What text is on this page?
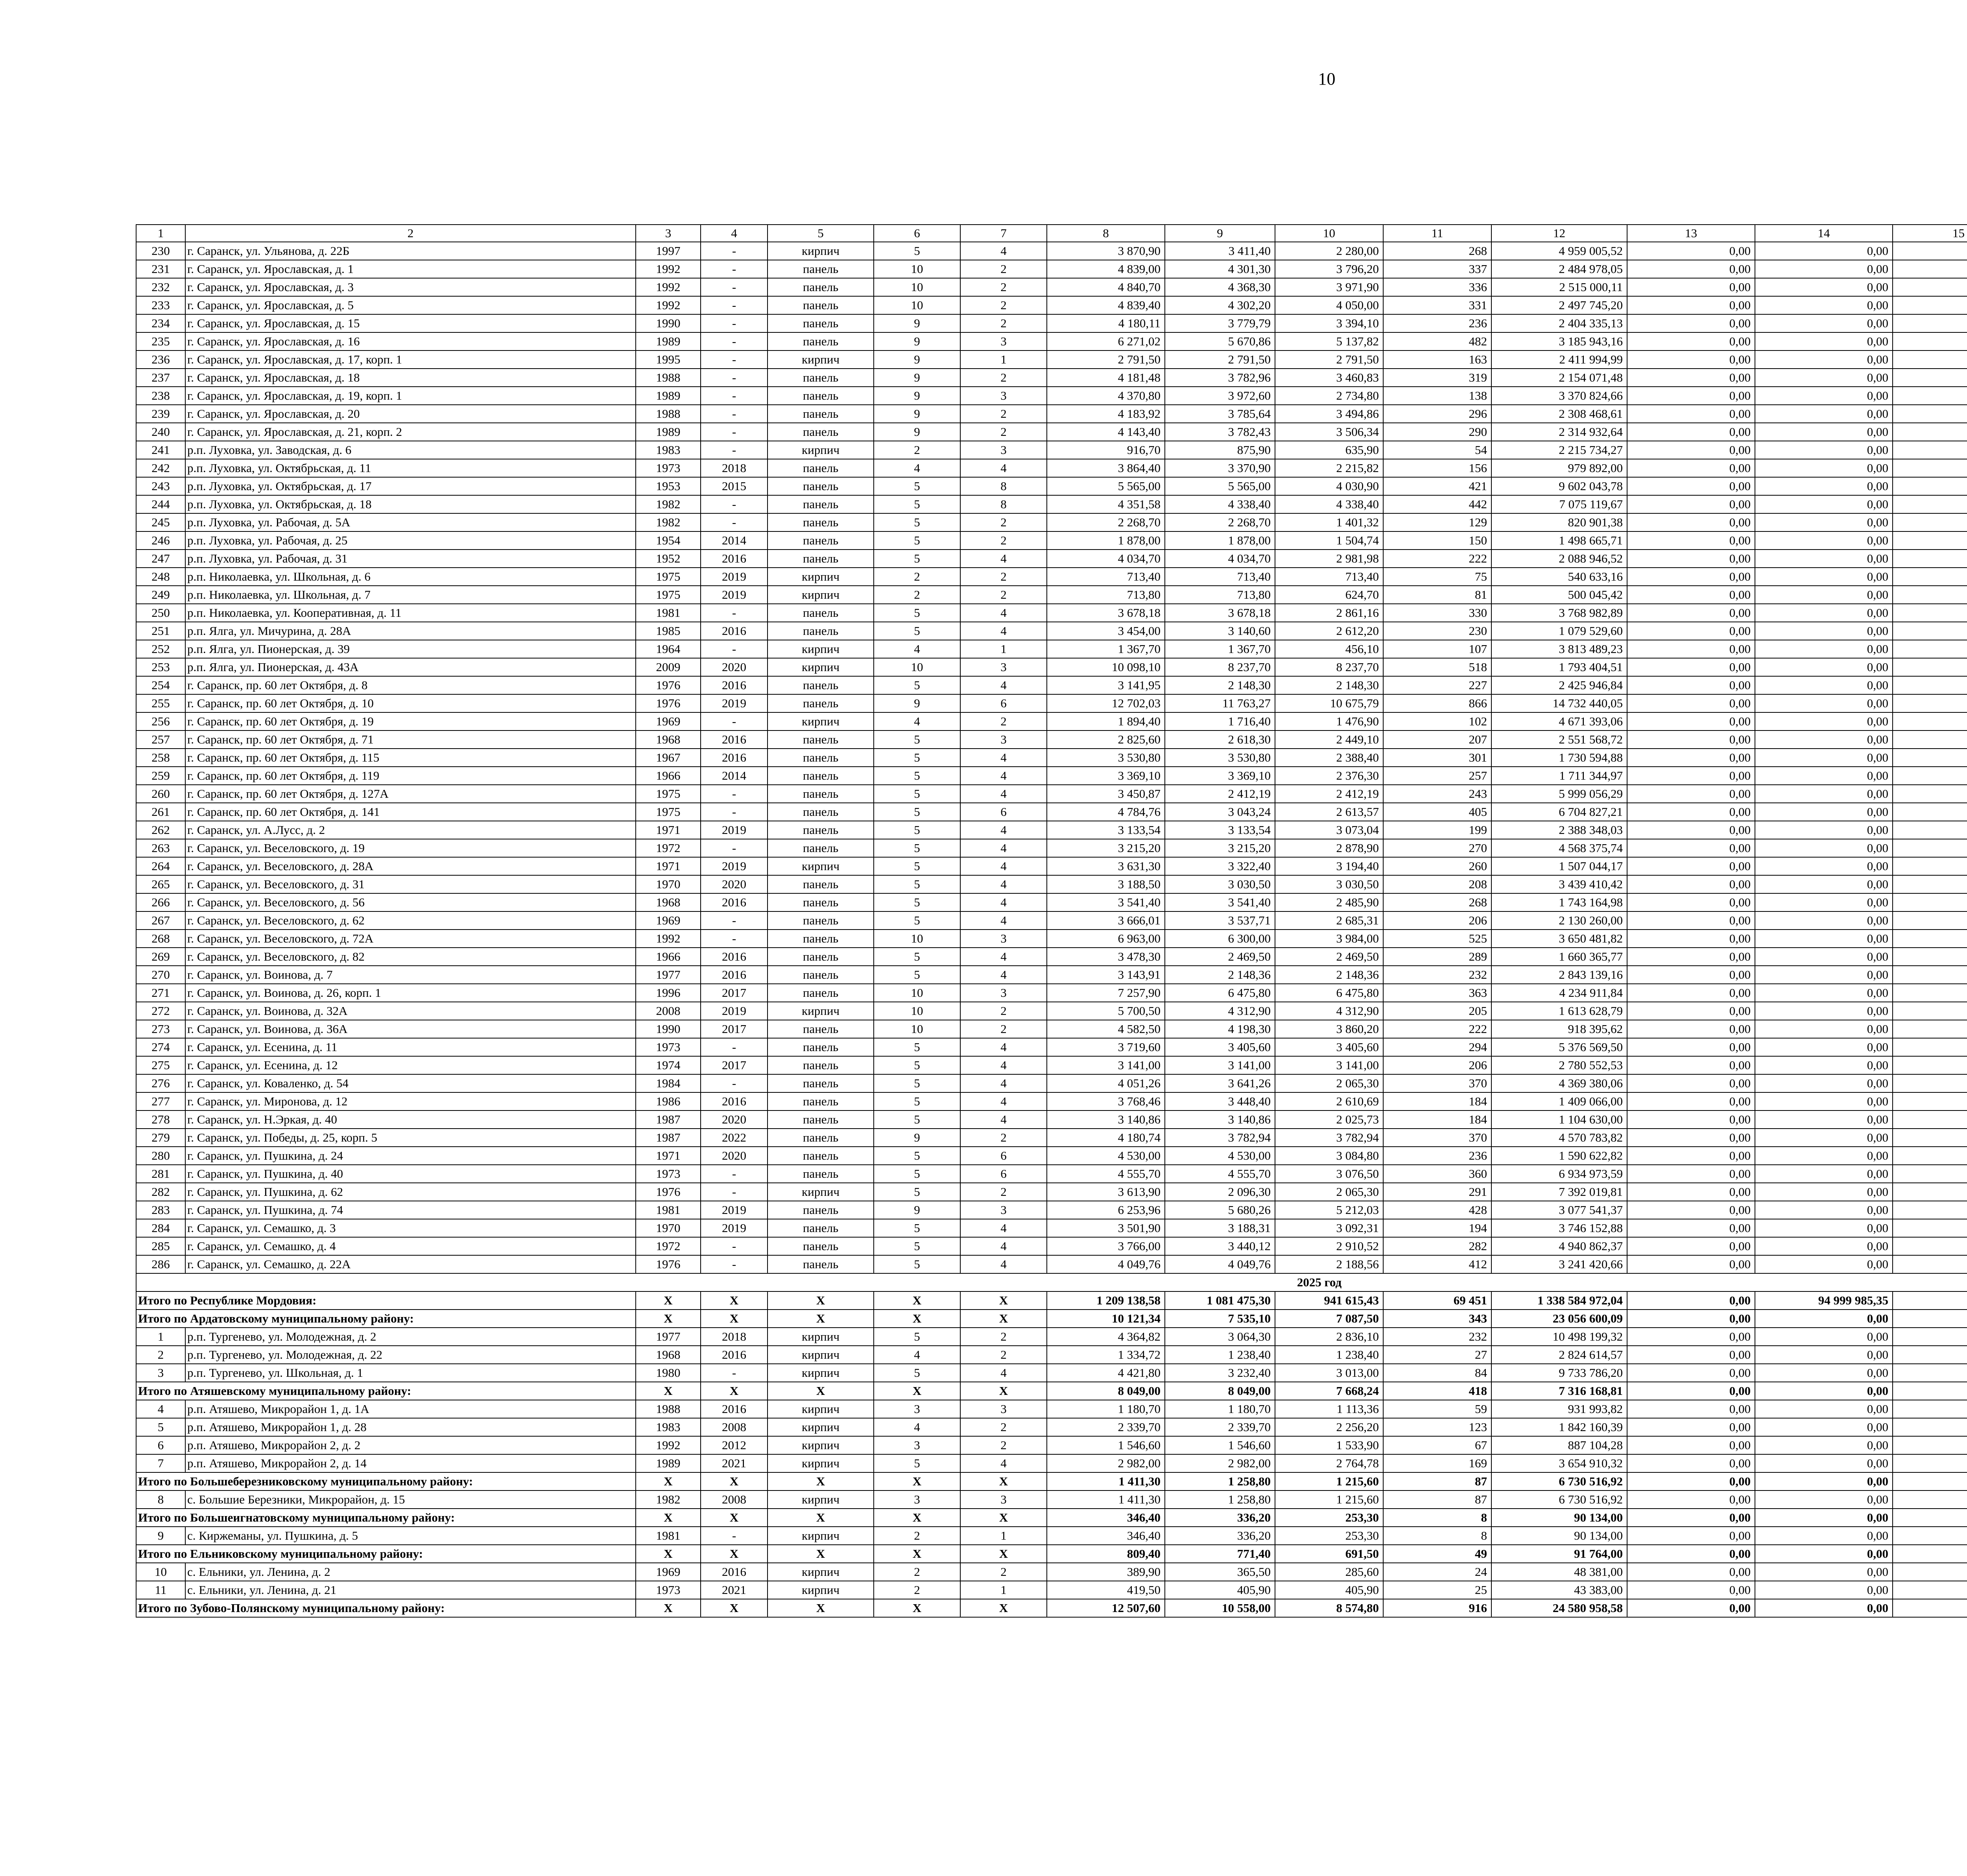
10
1	2	3	4	5	6	7	8	9	10	11	12	13	14	15				
230	г. Саранск, ул. Ульянова, д. 22Б	1997	-	кирпич	5	4	3 870,90	3 411,40	2 280,00	268	4 959 005,52	0,00	0,00					
231	г. Саранск, ул. Ярославская, д. 1	1992	-	панель	10	2	4 839,00	4 301,30	3 796,20	337	2 484 978,05	0,00	0,00					
232	г. Саранск, ул. Ярославская, д. 3	1992	-	панель	10	2	4 840,70	4 368,30	3 971,90	336	2 515 000,11	0,00	0,00					
233	г. Саранск, ул. Ярославская, д. 5	1992	-	панель	10	2	4 839,40	4 302,20	4 050,00	331	2 497 745,20	0,00	0,00					
234	г. Саранск, ул. Ярославская, д. 15	1990	-	панель	9	2	4 180,11	3 779,79	3 394,10	236	2 404 335,13	0,00	0,00					
235	г. Саранск, ул. Ярославская, д. 16	1989	-	панель	9	3	6 271,02	5 670,86	5 137,82	482	3 185 943,16	0,00	0,00					
236	г. Саранск, ул. Ярославская, д. 17, корп. 1	1995	-	кирпич	9	1	2 791,50	2 791,50	2 791,50	163	2 411 994,99	0,00	0,00					
237	г. Саранск, ул. Ярославская, д. 18	1988	-	панель	9	2	4 181,48	3 782,96	3 460,83	319	2 154 071,48	0,00	0,00					
238	г. Саранск, ул. Ярославская, д. 19, корп. 1	1989	-	панель	9	3	4 370,80	3 972,60	2 734,80	138	3 370 824,66	0,00	0,00					
239	г. Саранск, ул. Ярославская, д. 20	1988	-	панель	9	2	4 183,92	3 785,64	3 494,86	296	2 308 468,61	0,00	0,00					
240	г. Саранск, ул. Ярославская, д. 21, корп. 2	1989	-	панель	9	2	4 143,40	3 782,43	3 506,34	290	2 314 932,64	0,00	0,00					
241	р.п. Луховка, ул. Заводская, д. 6	1983	-	кирпич	2	3	916,70	875,90	635,90	54	2 215 734,27	0,00	0,00					
242	р.п. Луховка, ул. Октябрьская, д. 11	1973	2018	панель	4	4	3 864,40	3 370,90	2 215,82	156	979 892,00	0,00	0,00					
243	р.п. Луховка, ул. Октябрьская, д. 17	1953	2015	панель	5	8	5 565,00	5 565,00	4 030,90	421	9 602 043,78	0,00	0,00					
244	р.п. Луховка, ул. Октябрьская, д. 18	1982	-	панель	5	8	4 351,58	4 338,40	4 338,40	442	7 075 119,67	0,00	0,00					
245	р.п. Луховка, ул. Рабочая, д. 5А	1982	-	панель	5	2	2 268,70	2 268,70	1 401,32	129	820 901,38	0,00	0,00					
246	р.п. Луховка, ул. Рабочая, д. 25	1954	2014	панель	5	2	1 878,00	1 878,00	1 504,74	150	1 498 665,71	0,00	0,00					
247	р.п. Луховка, ул. Рабочая, д. 31	1952	2016	панель	5	4	4 034,70	4 034,70	2 981,98	222	2 088 946,52	0,00	0,00					
248	р.п. Николаевка, ул. Школьная, д. 6	1975	2019	кирпич	2	2	713,40	713,40	713,40	75	540 633,16	0,00	0,00					
249	р.п. Николаевка, ул. Школьная, д. 7	1975	2019	кирпич	2	2	713,80	713,80	624,70	81	500 045,42	0,00	0,00					
250	р.п. Николаевка, ул. Кооперативная, д. 11	1981	-	панель	5	4	3 678,18	3 678,18	2 861,16	330	3 768 982,89	0,00	0,00					
251	р.п. Ялга, ул. Мичурина, д. 28А	1985	2016	панель	5	4	3 454,00	3 140,60	2 612,20	230	1 079 529,60	0,00	0,00					
252	р.п. Ялга, ул. Пионерская, д. 39	1964	-	кирпич	4	1	1 367,70	1 367,70	456,10	107	3 813 489,23	0,00	0,00					
253	р.п. Ялга, ул. Пионерская, д. 43А	2009	2020	кирпич	10	3	10 098,10	8 237,70	8 237,70	518	1 793 404,51	0,00	0,00					
254	г. Саранск, пр. 60 лет Октября, д. 8	1976	2016	панель	5	4	3 141,95	2 148,30	2 148,30	227	2 425 946,84	0,00	0,00					
255	г. Саранск, пр. 60 лет Октября, д. 10	1976	2019	панель	9	6	12 702,03	11 763,27	10 675,79	866	14 732 440,05	0,00	0,00					
256	г. Саранск, пр. 60 лет Октября, д. 19	1969	-	кирпич	4	2	1 894,40	1 716,40	1 476,90	102	4 671 393,06	0,00	0,00					
257	г. Саранск, пр. 60 лет Октября, д. 71	1968	2016	панель	5	3	2 825,60	2 618,30	2 449,10	207	2 551 568,72	0,00	0,00					
258	г. Саранск, пр. 60 лет Октября, д. 115	1967	2016	панель	5	4	3 530,80	3 530,80	2 388,40	301	1 730 594,88	0,00	0,00					
259	г. Саранск, пр. 60 лет Октября, д. 119	1966	2014	панель	5	4	3 369,10	3 369,10	2 376,30	257	1 711 344,97	0,00	0,00					
260	г. Саранск, пр. 60 лет Октября, д. 127А	1975	-	панель	5	4	3 450,87	2 412,19	2 412,19	243	5 999 056,29	0,00	0,00					
261	г. Саранск, пр. 60 лет Октября, д. 141	1975	-	панель	5	6	4 784,76	3 043,24	2 613,57	405	6 704 827,21	0,00	0,00					
262	г. Саранск, ул. А.Лусс, д. 2	1971	2019	панель	5	4	3 133,54	3 133,54	3 073,04	199	2 388 348,03	0,00	0,00					
263	г. Саранск, ул. Веселовского, д. 19	1972	-	панель	5	4	3 215,20	3 215,20	2 878,90	270	4 568 375,74	0,00	0,00					
264	г. Саранск, ул. Веселовского, д. 28А	1971	2019	кирпич	5	4	3 631,30	3 322,40	3 194,40	260	1 507 044,17	0,00	0,00					
265	г. Саранск, ул. Веселовского, д. 31	1970	2020	панель	5	4	3 188,50	3 030,50	3 030,50	208	3 439 410,42	0,00	0,00					
266	г. Саранск, ул. Веселовского, д. 56	1968	2016	панель	5	4	3 541,40	3 541,40	2 485,90	268	1 743 164,98	0,00	0,00					
267	г. Саранск, ул. Веселовского, д. 62	1969	-	панель	5	4	3 666,01	3 537,71	2 685,31	206	2 130 260,00	0,00	0,00					
268	г. Саранск, ул. Веселовского, д. 72А	1992	-	панель	10	3	6 963,00	6 300,00	3 984,00	525	3 650 481,82	0,00	0,00					
269	г. Саранск, ул. Веселовского, д. 82	1966	2016	панель	5	4	3 478,30	2 469,50	2 469,50	289	1 660 365,77	0,00	0,00					
270	г. Саранск, ул. Воинова, д. 7	1977	2016	панель	5	4	3 143,91	2 148,36	2 148,36	232	2 843 139,16	0,00	0,00					
271	г. Саранск, ул. Воинова, д. 26, корп. 1	1996	2017	панель	10	3	7 257,90	6 475,80	6 475,80	363	4 234 911,84	0,00	0,00					
272	г. Саранск, ул. Воинова, д. 32А	2008	2019	кирпич	10	2	5 700,50	4 312,90	4 312,90	205	1 613 628,79	0,00	0,00					
273	г. Саранск, ул. Воинова, д. 36А	1990	2017	панель	10	2	4 582,50	4 198,30	3 860,20	222	918 395,62	0,00	0,00					
274	г. Саранск, ул. Есенина, д. 11	1973	-	панель	5	4	3 719,60	3 405,60	3 405,60	294	5 376 569,50	0,00	0,00					
275	г. Саранск, ул. Есенина, д. 12	1974	2017	панель	5	4	3 141,00	3 141,00	3 141,00	206	2 780 552,53	0,00	0,00					
276	г. Саранск, ул. Коваленко, д. 54	1984	-	панель	5	4	4 051,26	3 641,26	2 065,30	370	4 369 380,06	0,00	0,00					
277	г. Саранск, ул. Миронова, д. 12	1986	2016	панель	5	4	3 768,46	3 448,40	2 610,69	184	1 409 066,00	0,00	0,00					
278	г. Саранск, ул. Н.Эркая, д. 40	1987	2020	панель	5	4	3 140,86	3 140,86	2 025,73	184	1 104 630,00	0,00	0,00					
279	г. Саранск, ул. Победы, д. 25, корп. 5	1987	2022	панель	9	2	4 180,74	3 782,94	3 782,94	370	4 570 783,82	0,00	0,00					
280	г. Саранск, ул. Пушкина, д. 24	1971	2020	панель	5	6	4 530,00	4 530,00	3 084,80	236	1 590 622,82	0,00	0,00					
281	г. Саранск, ул. Пушкина, д. 40	1973	-	панель	5	6	4 555,70	4 555,70	3 076,50	360	6 934 973,59	0,00	0,00					
282	г. Саранск, ул. Пушкина, д. 62	1976	-	кирпич	5	2	3 613,90	2 096,30	2 065,30	291	7 392 019,81	0,00	0,00					
283	г. Саранск, ул. Пушкина, д. 74	1981	2019	панель	9	3	6 253,96	5 680,26	5 212,03	428	3 077 541,37	0,00	0,00					
284	г. Саранск, ул. Семашко, д. 3	1970	2019	панель	5	4	3 501,90	3 188,31	3 092,31	194	3 746 152,88	0,00	0,00					
285	г. Саранск, ул. Семашко, д. 4	1972	-	панель	5	4	3 766,00	3 440,12	2 910,52	282	4 940 862,37	0,00	0,00					
286	г. Саранск, ул. Семашко, д. 22А	1976	-	панель	5	4	4 049,76	4 049,76	2 188,56	412	3 241 420,66	0,00	0,00					
2025 год																		
Итого по Республике Мордовия:		X	X	X	X	X	1 209 138,58	1 081 475,30	941 615,43	69 451	1 338 584 972,04	0,00	94 999 985,35					
Итого по Ардатовскому муниципальному району:		X	X	X	X	X	10 121,34	7 535,10	7 087,50	343	23 056 600,09	0,00	0,00					
1	р.п. Тургенево, ул. Молодежная, д. 2	1977	2018	кирпич	5	2	4 364,82	3 064,30	2 836,10	232	10 498 199,32	0,00	0,00					
2	р.п. Тургенево, ул. Молодежная, д. 22	1968	2016	кирпич	4	2	1 334,72	1 238,40	1 238,40	27	2 824 614,57	0,00	0,00					
3	р.п. Тургенево, ул. Школьная, д. 1	1980	-	кирпич	5	4	4 421,80	3 232,40	3 013,00	84	9 733 786,20	0,00	0,00					
Итого по Атяшевскому муниципальному району:		X	X	X	X	X	8 049,00	8 049,00	7 668,24	418	7 316 168,81	0,00	0,00					
4	р.п. Атяшево, Микрорайон 1, д. 1А	1988	2016	кирпич	3	3	1 180,70	1 180,70	1 113,36	59	931 993,82	0,00	0,00					
5	р.п. Атяшево, Микрорайон 1, д. 28	1983	2008	кирпич	4	2	2 339,70	2 339,70	2 256,20	123	1 842 160,39	0,00	0,00					
6	р.п. Атяшево, Микрорайон 2, д. 2	1992	2012	кирпич	3	2	1 546,60	1 546,60	1 533,90	67	887 104,28	0,00	0,00					
7	р.п. Атяшево, Микрорайон 2, д. 14	1989	2021	кирпич	5	4	2 982,00	2 982,00	2 764,78	169	3 654 910,32	0,00	0,00					
Итого по Большеберезниковскому муниципальному району:		X	X	X	X	X	1 411,30	1 258,80	1 215,60	87	6 730 516,92	0,00	0,00					
8	с. Большие Березники, Микрорайон, д. 15	1982	2008	кирпич	3	3	1 411,30	1 258,80	1 215,60	87	6 730 516,92	0,00	0,00					
Итого по Большеигнатовскому муниципальному району:		X	X	X	X	X	346,40	336,20	253,30	8	90 134,00	0,00	0,00					
9	с. Киржеманы, ул. Пушкина, д. 5	1981	-	кирпич	2	1	346,40	336,20	253,30	8	90 134,00	0,00	0,00					
Итого по Ельниковскому муниципальному району:		X	X	X	X	X	809,40	771,40	691,50	49	91 764,00	0,00	0,00					
10	с. Ельники, ул. Ленина, д. 2	1969	2016	кирпич	2	2	389,90	365,50	285,60	24	48 381,00	0,00	0,00					
11	с. Ельники, ул. Ленина, д. 21	1973	2021	кирпич	2	1	419,50	405,90	405,90	25	43 383,00	0,00	0,00					
Итого по Зубово-Полянскому муниципальному району:		X	X	X	X	X	12 507,60	10 558,00	8 574,80	916	24 580 958,58	0,00	0,00					
